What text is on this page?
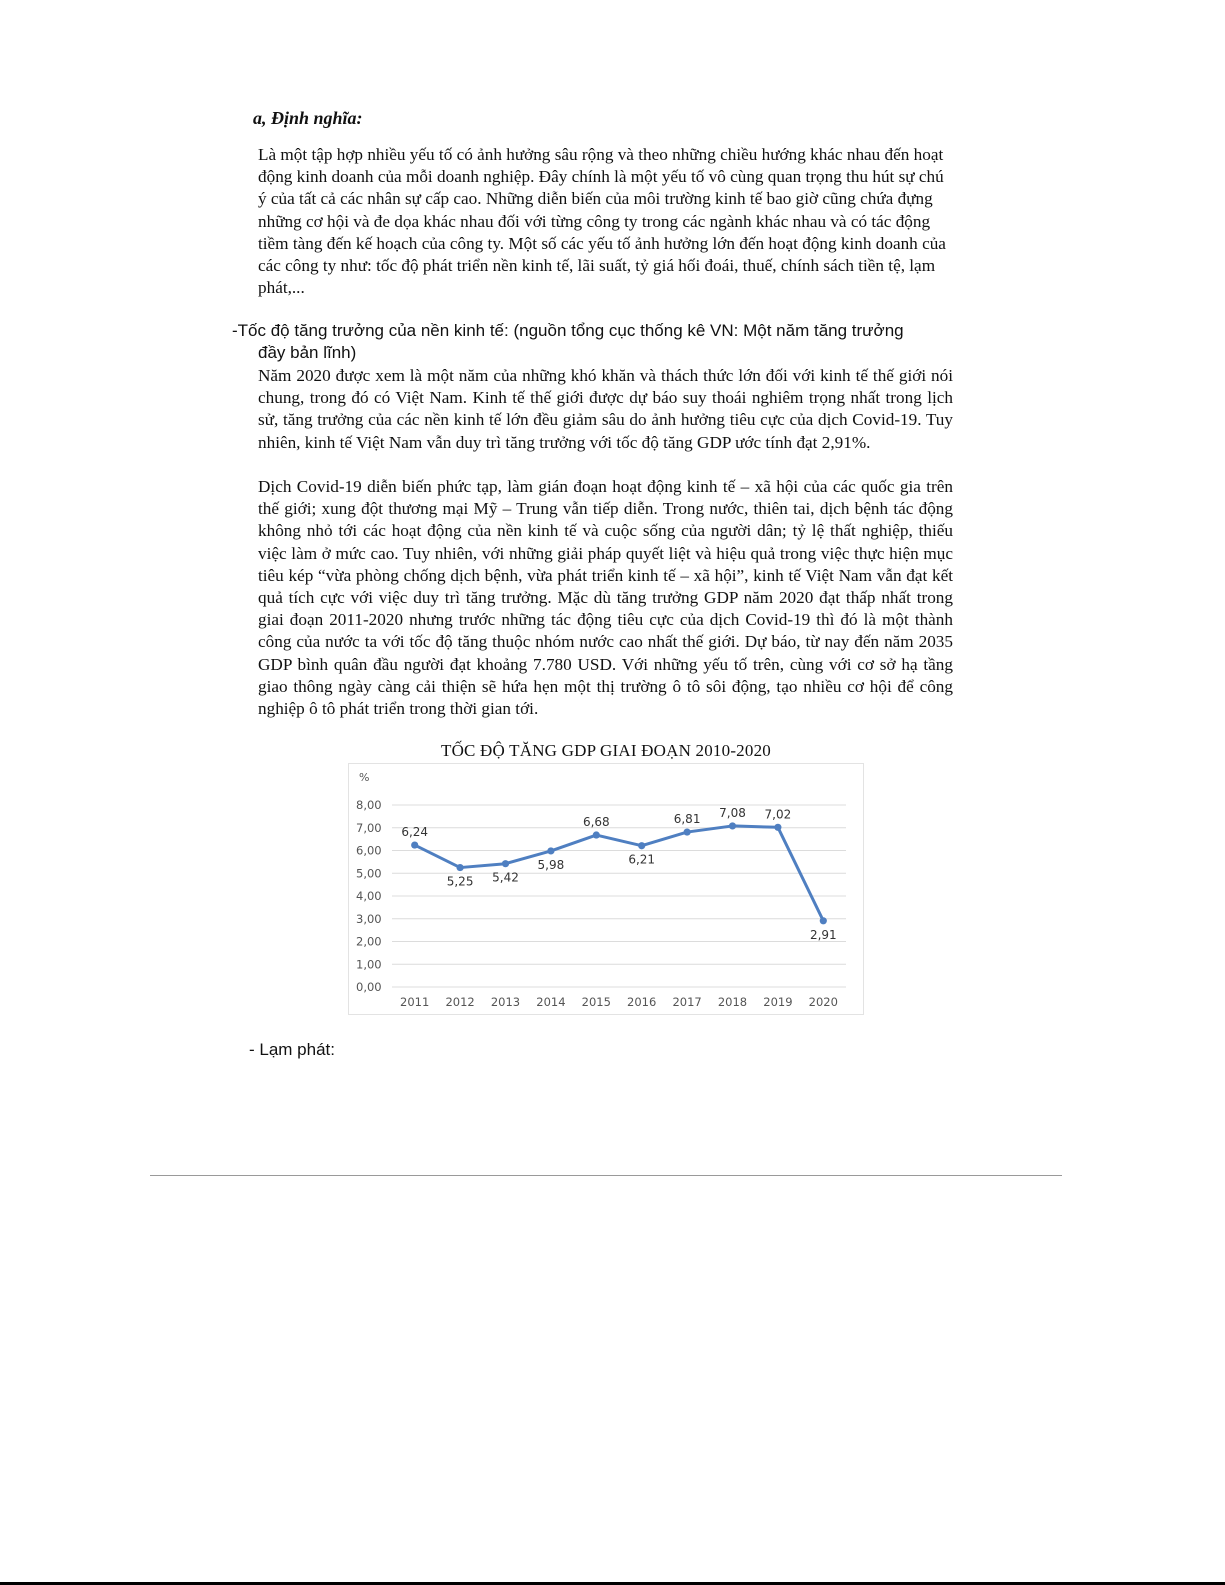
a, Định nghĩa:

Là một tập hợp nhiều yếu tố có ảnh hưởng sâu rộng và theo những chiều hướng khác nhau đến hoạt động kinh doanh của mỗi doanh nghiệp. Đây chính là một yếu tố vô cùng quan trọng thu hút sự chú ý của tất cả các nhân sự cấp cao. Những diễn biến của môi trường kinh tế bao giờ cũng chứa đựng những cơ hội và đe dọa khác nhau đối với từng công ty trong các ngành khác nhau và có tác động tiềm tàng đến kế hoạch của công ty. Một số các yếu tố ảnh hưởng lớn đến hoạt động kinh doanh của các công ty như: tốc độ phát triển nền kinh tế, lãi suất, tỷ giá hối đoái, thuế, chính sách tiền tệ, lạm phát,...

-Tốc độ tăng trưởng của nền kinh tế: (nguồn tổng cục thống kê VN: Một năm tăng trưởng
đầy bản lĩnh)

Năm 2020 được xem là một năm của những khó khăn và thách thức lớn đối với kinh tế thế giới nói chung, trong đó có Việt Nam. Kinh tế thế giới được dự báo suy thoái nghiêm trọng nhất trong lịch sử, tăng trưởng của các nền kinh tế lớn đều giảm sâu do ảnh hưởng tiêu cực của dịch Covid-19. Tuy nhiên, kinh tế Việt Nam vẫn duy trì tăng trưởng với tốc độ tăng GDP ước tính đạt 2,91%.

Dịch Covid-19 diễn biến phức tạp, làm gián đoạn hoạt động kinh tế – xã hội của các quốc gia trên thế giới; xung đột thương mại Mỹ – Trung vẫn tiếp diễn. Trong nước, thiên tai, dịch bệnh tác động không nhỏ tới các hoạt động của nền kinh tế và cuộc sống của người dân; tỷ lệ thất nghiệp, thiếu việc làm ở mức cao. Tuy nhiên, với những giải pháp quyết liệt và hiệu quả trong việc thực hiện mục tiêu kép “vừa phòng chống dịch bệnh, vừa phát triển kinh tế – xã hội”, kinh tế Việt Nam vẫn đạt kết quả tích cực với việc duy trì tăng trưởng. Mặc dù tăng trưởng GDP năm 2020 đạt thấp nhất trong giai đoạn 2011-2020 nhưng trước những tác động tiêu cực của dịch Covid-19 thì đó là một thành công của nước ta với tốc độ tăng thuộc nhóm nước cao nhất thế giới. Dự báo, từ nay đến năm 2035 GDP bình quân đầu người đạt khoảng 7.780 USD. Với những yếu tố trên, cùng với cơ sở hạ tầng giao thông ngày càng cải thiện sẽ hứa hẹn một thị trường ô tô sôi động, tạo nhiều cơ hội để công nghiệp ô tô phát triển trong thời gian tới.

TỐC ĐỘ TĂNG GDP GIAI ĐOẠN 2010-2020

%
0,00
1,00
2,00
3,00
4,00
5,00
6,00
7,00
8,00
2011 2012 2013 2014 2015 2016 2017 2018 2019 2020
6,24
5,25 5,42
5,98
6,68
6,21
6,81 7,08 7,02
2,91

- Lạm phát:
